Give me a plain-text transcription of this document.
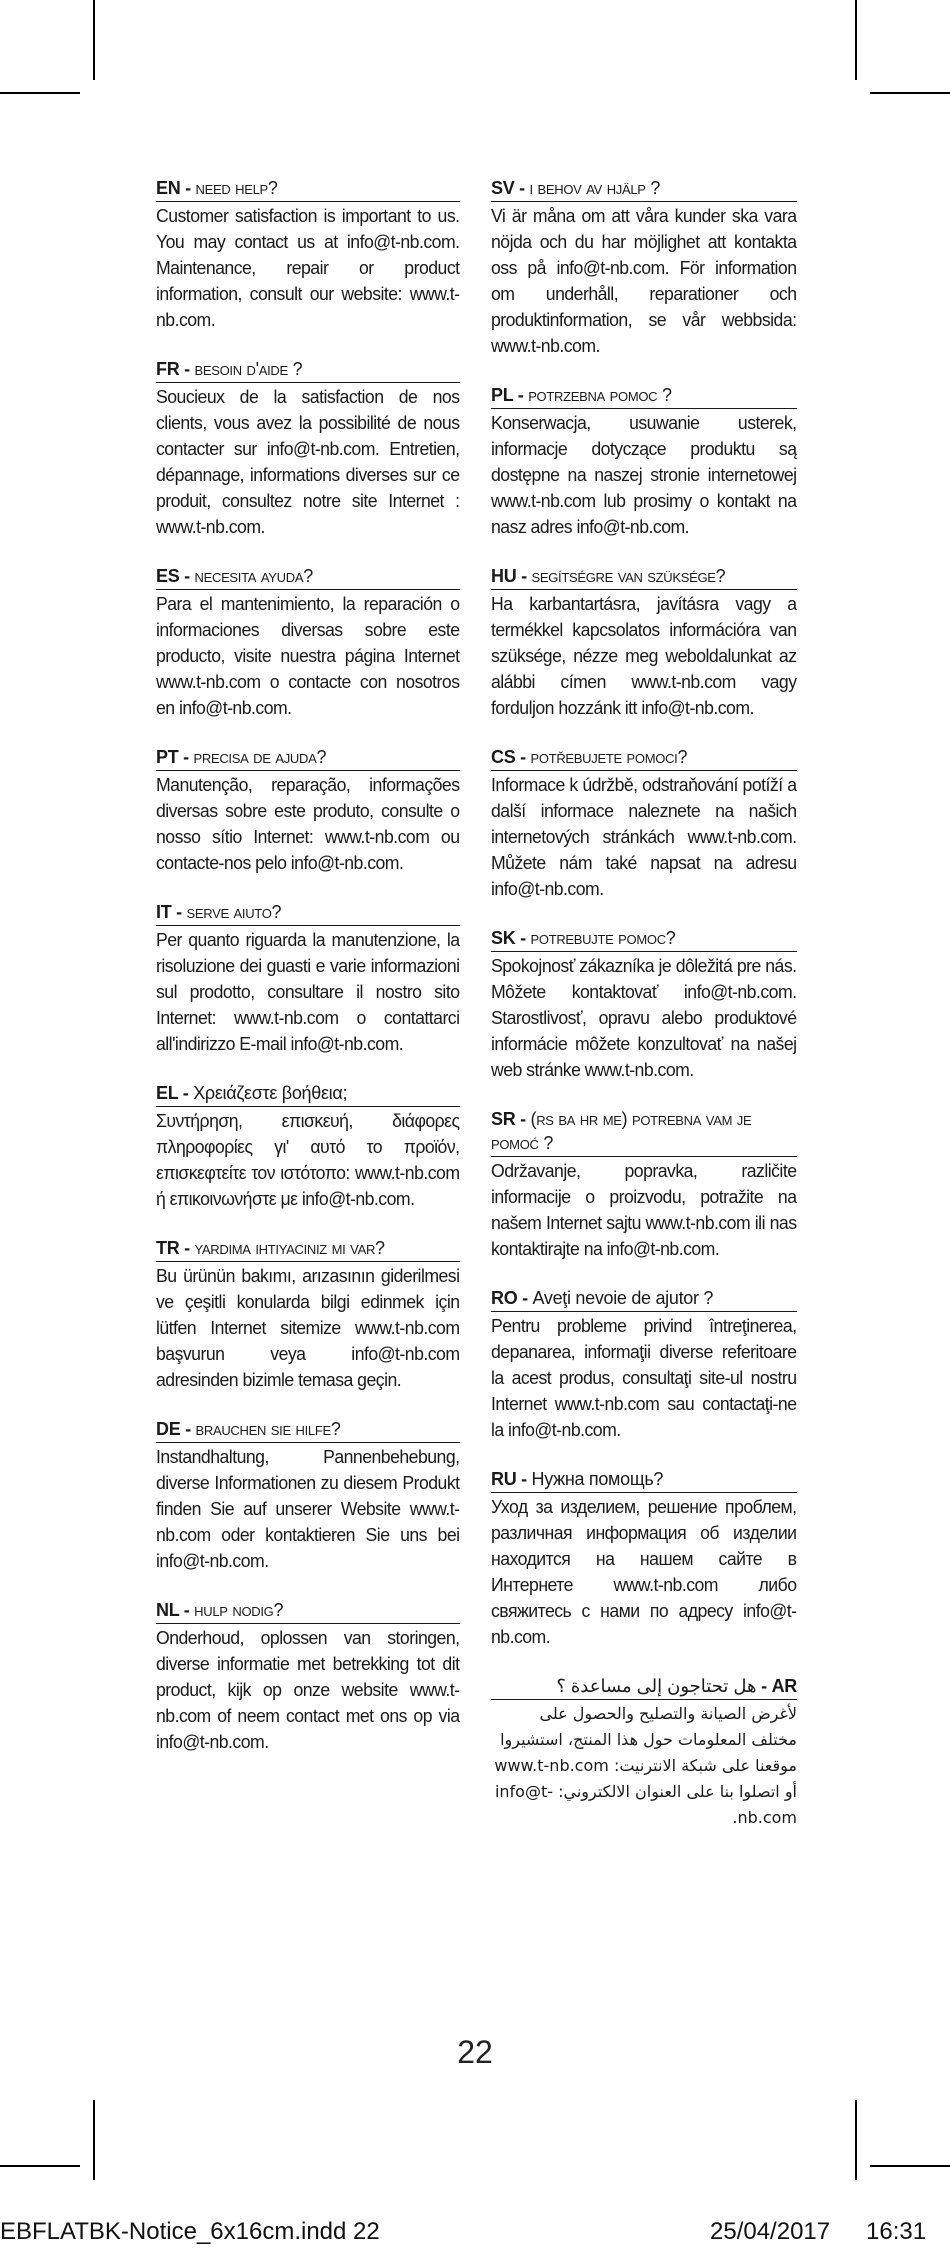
EN - need help?
Customer satisfaction is important to us. You may contact us at info@t-nb.com. Maintenance, repair or product information, consult our website: www.t-nb.com.
FR - besoin d'aide ?
Soucieux de la satisfaction de nos clients, vous avez la possibilité de nous contacter sur info@t-nb.com. Entretien, dépannage, informations diverses sur ce produit, consultez notre site Internet : www.t-nb.com.
ES - necesita ayuda?
Para el mantenimiento, la reparación o informaciones diversas sobre este producto, visite nuestra página Internet www.t-nb.com o contacte con nosotros en info@t-nb.com.
PT - precisa de ajuda?
Manutenção, reparação, informações diversas sobre este produto, consulte o nosso sítio Internet: www.t-nb.com ou contacte-nos pelo info@t-nb.com.
IT - serve aiuto?
Per quanto riguarda la manutenzione, la risoluzione dei guasti e varie informazioni sul prodotto, consultare il nostro sito Internet: www.t-nb.com o contattarci all'indirizzo E-mail info@t-nb.com.
EL - Χρειάζεστε βοήθεια;
Συντήρηση, επισκευή, διάφορες πληροφορίες γι' αυτό το προϊόν, επισκεφτείτε τον ιστότοπο: www.t-nb.com ή επικοινωνήστε με info@t-nb.com.
TR - yardima ihtiyaciniz mi var?
Bu ürünün bakımı, arızasının giderilmesi ve çeşitli konularda bilgi edinmek için lütfen Internet sitemize www.t-nb.com başvurun veya info@t-nb.com adresinden bizimle temasa geçin.
DE - brauchen sie hilfe?
Instandhaltung, Pannenbehebung, diverse Informationen zu diesem Produkt finden Sie auf unserer Website www.t-nb.com oder kontaktieren Sie uns bei info@t-nb.com.
NL - hulp nodig?
Onderhoud, oplossen van storingen, diverse informatie met betrekking tot dit product, kijk op onze website www.t-nb.com of neem contact met ons op via info@t-nb.com.
SV - i behov av hjälp ?
Vi är måna om att våra kunder ska vara nöjda och du har möjlighet att kontakta oss på info@t-nb.com. För information om underhåll, reparationer och produktinformation, se vår webbsida: www.t-nb.com.
PL - potrzebna pomoc ?
Konserwacja, usuwanie usterek, informacje dotyczące produktu są dostępne na naszej stronie internetowej www.t-nb.com lub prosimy o kontakt na nasz adres info@t-nb.com.
HU - segítségre van szüksége?
Ha karbantartásra, javításra vagy a termékkel kapcsolatos információra van szüksége, nézze meg weboldalunkat az alábbi címen www.t-nb.com vagy forduljon hozzánk itt info@t-nb.com.
CS - potřebujete pomoci?
Informace k údržbě, odstraňování potíží a další informace naleznete na našich internetových stránkách www.t-nb.com. Můžete nám také napsat na adresu info@t-nb.com.
SK - potrebujte pomoc?
Spokojnosť zákazníka je dôležitá pre nás. Môžete kontaktovať info@t-nb.com. Starostlivosť, opravu alebo produktové informácie môžete konzultovať na našej web stránke www.t-nb.com.
SR - (rs ba hr me) potrebna vam je pomoć ?
Održavanje, popravka, različite informacije o proizvodu, potražite na našem Internet sajtu www.t-nb.com ili nas kontaktirajte na info@t-nb.com.
RO - Aveţi nevoie de ajutor ?
Pentru probleme privind întreţinerea, depanarea, informaţii diverse referitoare la acest produs, consultaţi site-ul nostru Internet www.t-nb.com sau contactaţi-ne la info@t-nb.com.
RU - Нужна помощь?
Уход за изделием, решение проблем, различная информация об изделии находится на нашем сайте в Интернете www.t-nb.com либо свяжитесь с нами по адресу info@t-nb.com.
AR - هل تحتاجون إلى مساعدة ؟
لأغرض الصيانة والتصليح والحصول على مختلف المعلومات حول هذا المنتج، استشيروا موقعنا على شبكة الانترنيت: www.t-nb.com أو اتصلوا بنا على العنوان الالكتروني: info@t-nb.com.
22
EBFLATBK-Notice_6x16cm.indd 22	25/04/2017 16:31
